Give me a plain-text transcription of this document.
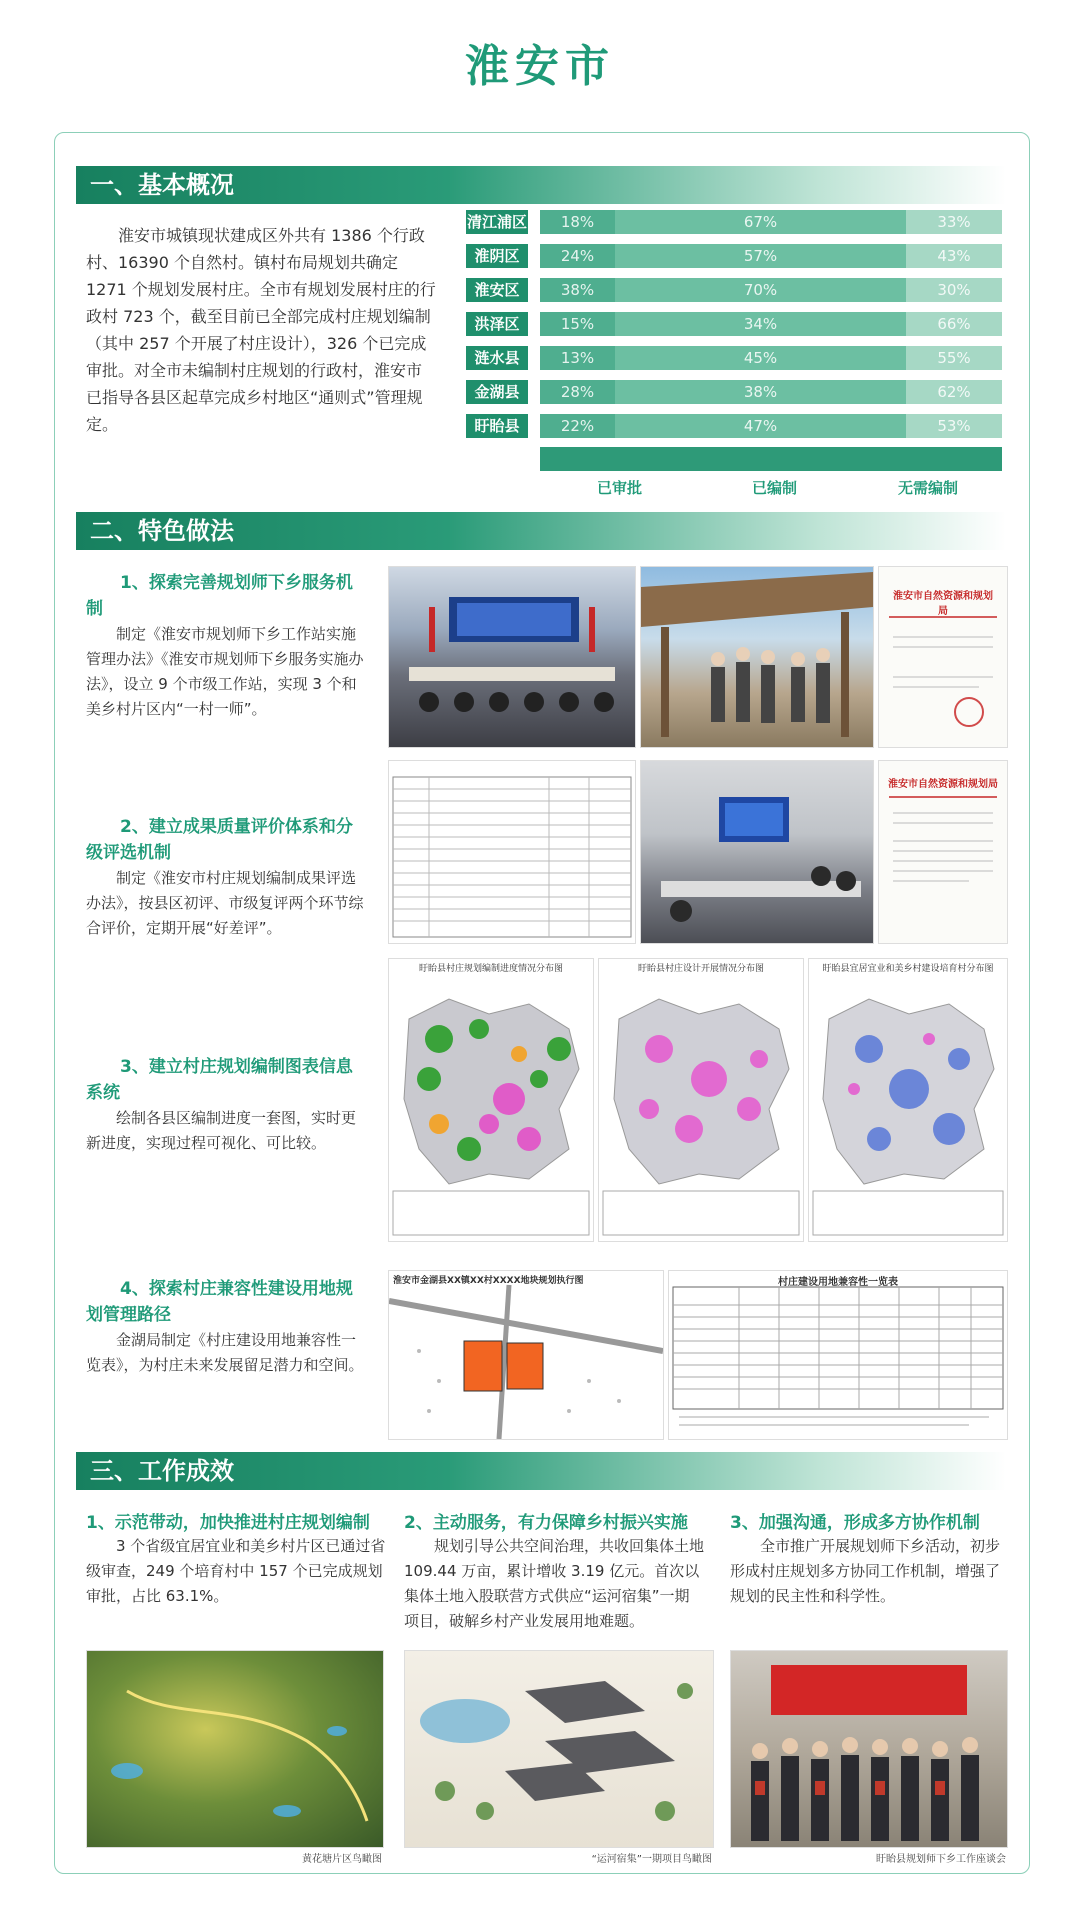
淮安市
一、基本概况

淮安市城镇现状建成区外共有 1386 个行政村、16390 个自然村。镇村布局规划共确定 1271 个规划发展村庄。全市有规划发展村庄的行政村 723 个，截至目前已全部完成村庄规划编制（其中 257 个开展了村庄设计），326 个已完成审批。对全市未编制村庄规划的行政村，淮安市已指导各县区起草完成乡村地区“通则式”管理规定。

清江浦区	18%	67%	33%
淮阴区	24%	57%	43%
淮安区	38%	70%	30%
洪泽区	15%	34%	66%
涟水县	13%	45%	55%
金湖县	28%	38%	62%
盱眙县	22%	47%	53%
已审批	已编制	无需编制
二、特色做法

1、探索完善规划师下乡服务机制

制定《淮安市规划师下乡工作站实施管理办法》《淮安市规划师下乡服务实施办法》，设立 9 个市级工作站，实现 3 个和美乡村片区内“一村一师”。

2、建立成果质量评价体系和分级评选机制

制定《淮安市村庄规划编制成果评选办法》，按县区初评、市级复评两个环节综合评价，定期开展“好差评”。

3、建立村庄规划编制图表信息系统

绘制各县区编制进度一套图，实时更新进度，实现过程可视化、可比较。

4、探索村庄兼容性建设用地规划管理路径

金湖局制定《村庄建设用地兼容性一览表》，为村庄未来发展留足潜力和空间。

淮安市自然资源和规划局
淮安市自然资源和规划局
盱眙县村庄规划编制进度情况分布图	盱眙县村庄设计开展情况分布图	盱眙县宜居宜业和美乡村建设培育村分布图
淮安市金湖县XX镇XX村XXXX地块规划执行图	村庄建设用地兼容性一览表
三、工作成效
1、示范带动，加快推进村庄规划编制

3 个省级宜居宜业和美乡村片区已通过省级审查，249 个培育村中 157 个已完成规划审批，占比 63.1%。

2、主动服务，有力保障乡村振兴实施

规划引导公共空间治理，共收回集体土地 109.44 万亩，累计增收 3.19 亿元。首次以集体土地入股联营方式供应“运河宿集”一期项目，破解乡村产业发展用地难题。

3、加强沟通，形成多方协作机制

全市推广开展规划师下乡活动，初步形成村庄规划多方协同工作机制，增强了规划的民主性和科学性。

黄花塘片区鸟瞰图	“运河宿集”一期项目鸟瞰图	盱眙县规划师下乡工作座谈会
